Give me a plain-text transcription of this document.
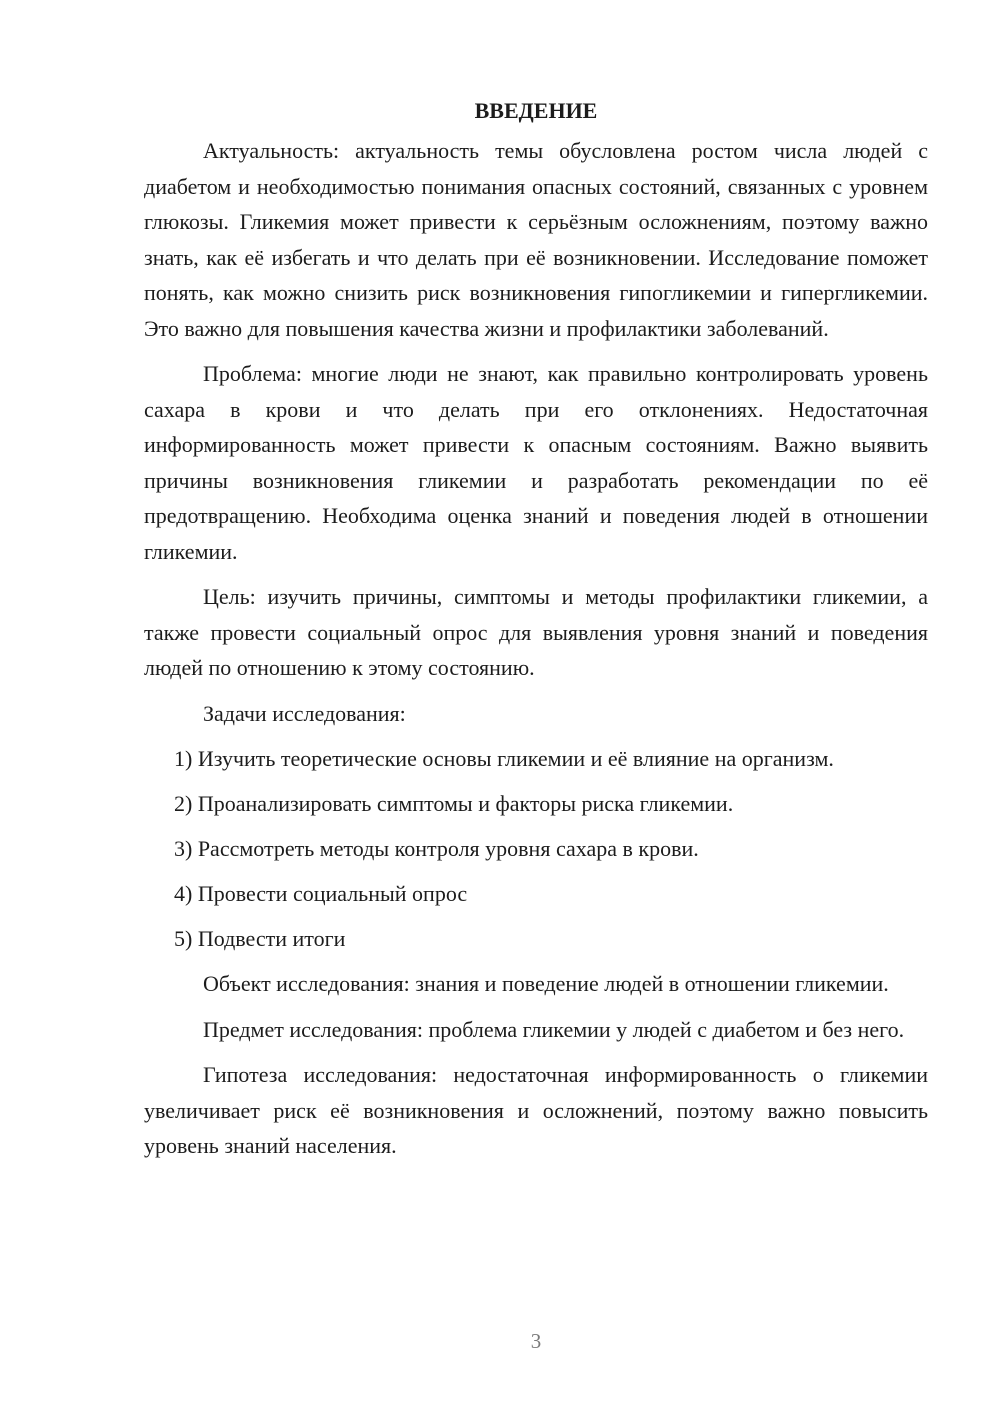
ВВЕДЕНИЕ

Актуальность: актуальность темы обусловлена ростом числа людей с диабетом и необходимостью понимания опасных состояний, связанных с уровнем глюкозы. Гликемия может привести к серьёзным осложнениям, поэтому важно знать, как её избегать и что делать при её возникновении. Исследование поможет понять, как можно снизить риск возникновения гипогликемии и гипергликемии. Это важно для повышения качества жизни и профилактики заболеваний.

Проблема: многие люди не знают, как правильно контролировать уровень сахара в крови и что делать при его отклонениях. Недостаточная информированность может привести к опасным состояниям. Важно выявить причины возникновения гликемии и разработать рекомендации по её предотвращению. Необходима оценка знаний и поведения людей в отношении гликемии.

Цель: изучить причины, симптомы и методы профилактики гликемии, а также провести социальный опрос для выявления уровня знаний и поведения людей по отношению к этому состоянию.

Задачи исследования:

1) Изучить теоретические основы гликемии и её влияние на организм.

2) Проанализировать симптомы и факторы риска гликемии.

3) Рассмотреть методы контроля уровня сахара в крови.

4) Провести социальный опрос

5) Подвести итоги

Объект исследования: знания и поведение людей в отношении гликемии.

Предмет исследования: проблема гликемии у людей с диабетом и без него.

Гипотеза исследования: недостаточная информированность о гликемии увеличивает риск её возникновения и осложнений, поэтому важно повысить уровень знаний населения.

3
